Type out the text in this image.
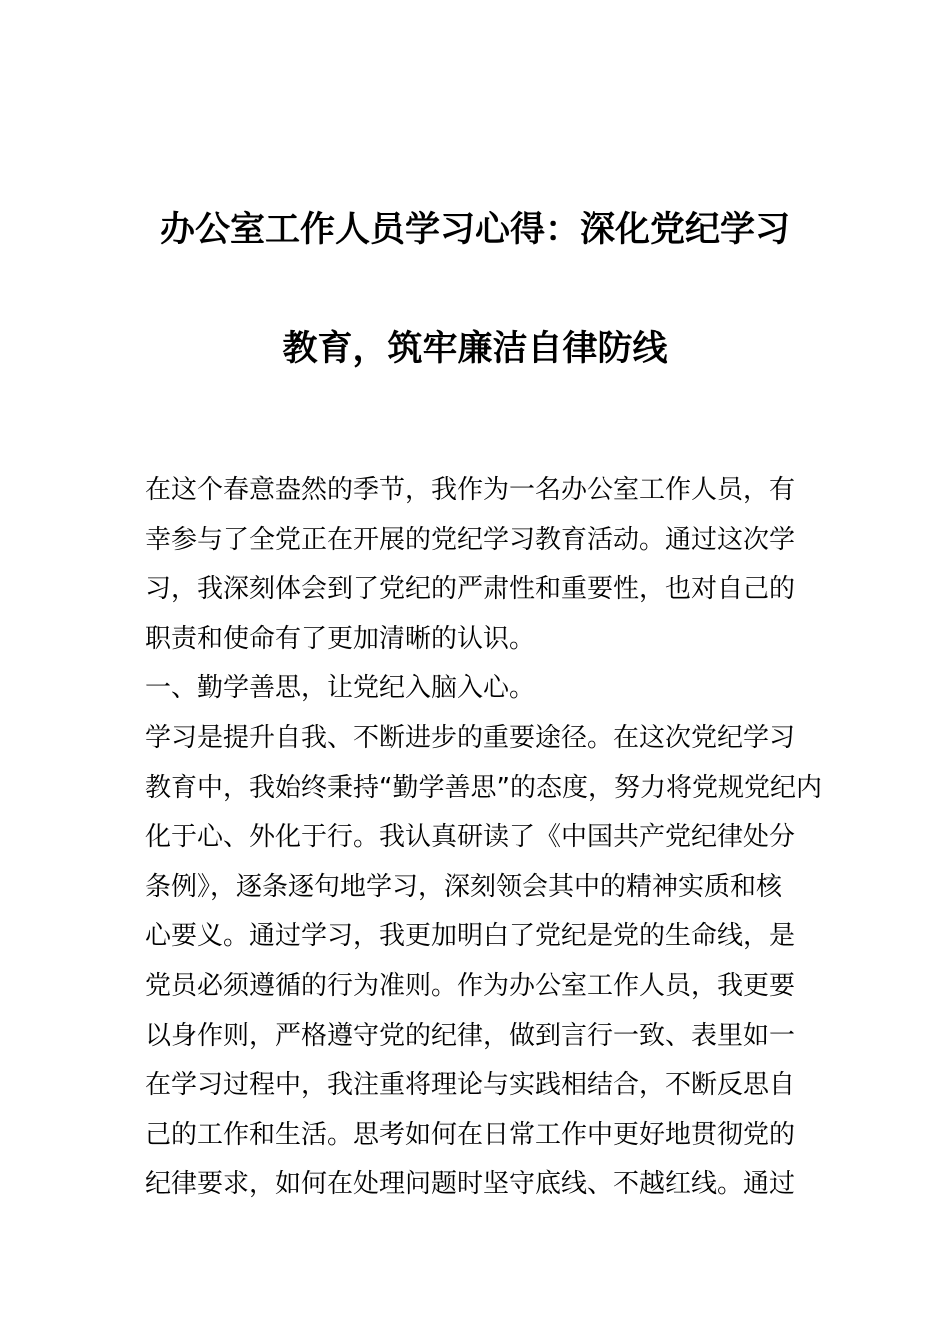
办公室工作人员学习心得：深化党纪学习
教育，筑牢廉洁自律防线
在这个春意盎然的季节，我作为一名办公室工作人员，有
幸参与了全党正在开展的党纪学习教育活动。通过这次学
习，我深刻体会到了党纪的严肃性和重要性，也对自己的
职责和使命有了更加清晰的认识。
一、勤学善思，让党纪入脑入心。
学习是提升自我、不断进步的重要途径。在这次党纪学习
教育中，我始终秉持“勤学善思”的态度，努力将党规党纪内
化于心、外化于行。我认真研读了《中国共产党纪律处分
条例》，逐条逐句地学习，深刻领会其中的精神实质和核
心要义。通过学习，我更加明白了党纪是党的生命线，是
党员必须遵循的行为准则。作为办公室工作人员，我更要
以身作则，严格遵守党的纪律，做到言行一致、表里如一
在学习过程中，我注重将理论与实践相结合，不断反思自
己的工作和生活。思考如何在日常工作中更好地贯彻党的
纪律要求，如何在处理问题时坚守底线、不越红线。通过
